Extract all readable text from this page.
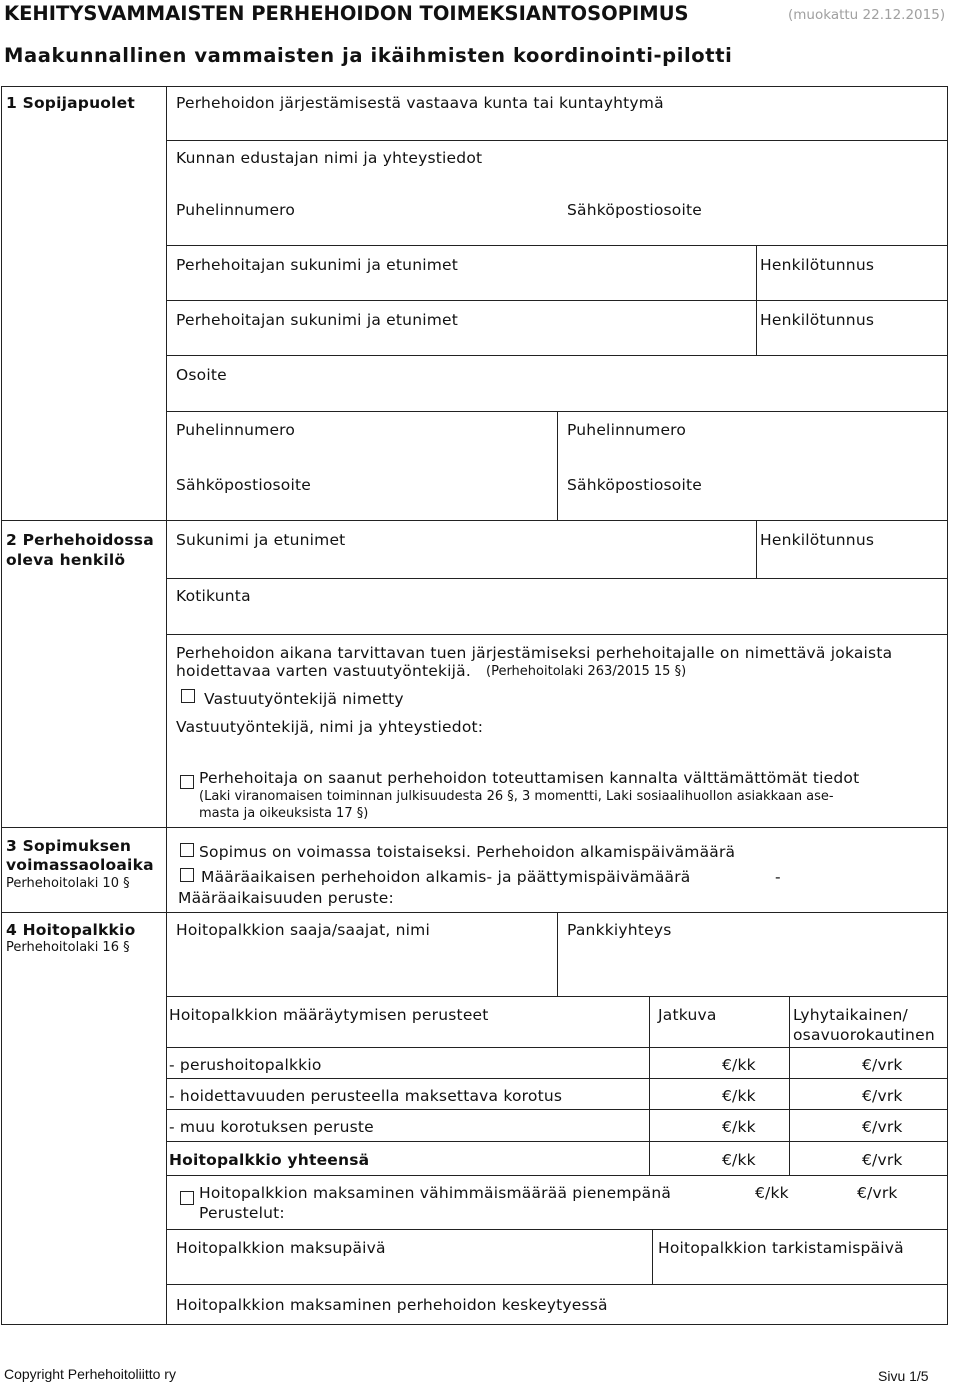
KEHITYSVAMMAISTEN PERHEHOIDON TOIMEKSIANTOSOPIMUS	(muokattu 22.12.2015)
Maakunnallinen vammaisten ja ikäihmisten koordinointi-pilotti
1 Sopijapuolet	Perhehoidon järjestämisestä vastaava kunta tai kuntayhtymä
Kunnan edustajan nimi ja yhteystiedot
Puhelinnumero	Sähköpostiosoite
Perhehoitajan sukunimi ja etunimet	Henkilötunnus
Perhehoitajan sukunimi ja etunimet	Henkilötunnus
Osoite
Puhelinnumero	Puhelinnumero
Sähköpostiosoite	Sähköpostiosoite
2 Perhehoidossa
oleva henkilö
Sukunimi ja etunimet	Henkilötunnus
Kotikunta
Perhehoidon aikana tarvittavan tuen järjestämiseksi perhehoitajalle on nimettävä jokaista
hoidettavaa varten vastuutyöntekijä. (Perhehoitolaki 263/2015 15 §)
Vastuutyöntekijä nimetty
Vastuutyöntekijä, nimi ja yhteystiedot:
Perhehoitaja on saanut perhehoidon toteuttamisen kannalta välttämättömät tiedot
(Laki viranomaisen toiminnan julkisuudesta 26 §, 3 momentti, Laki sosiaalihuollon asiakkaan ase-
masta ja oikeuksista 17 §)
3 Sopimuksen
voimassaoloaika
Perhehoitolaki 10 §
Sopimus on voimassa toistaiseksi. Perhehoidon alkamispäivämäärä
Määräaikaisen perhehoidon alkamis- ja päättymispäivämäärä	-
Määräaikaisuuden peruste:
4 Hoitopalkkio
Perhehoitolaki 16 §
Hoitopalkkion saaja/saajat, nimi	Pankkiyhteys
Hoitopalkkion määräytymisen perusteet	Jatkuva	Lyhytaikainen/
osavuorokautinen
- perushoitopalkkio	€/kk	€/vrk
- hoidettavuuden perusteella maksettava korotus	€/kk	€/vrk
- muu korotuksen peruste	€/kk	€/vrk
Hoitopalkkio yhteensä	€/kk	€/vrk
Hoitopalkkion maksaminen vähimmäismäärää pienempänä	€/kk	€/vrk
Perustelut:
Hoitopalkkion maksupäivä	Hoitopalkkion tarkistamispäivä
Hoitopalkkion maksaminen perhehoidon keskeytyessä
Copyright Perhehoitoliitto ry	Sivu 1/5
